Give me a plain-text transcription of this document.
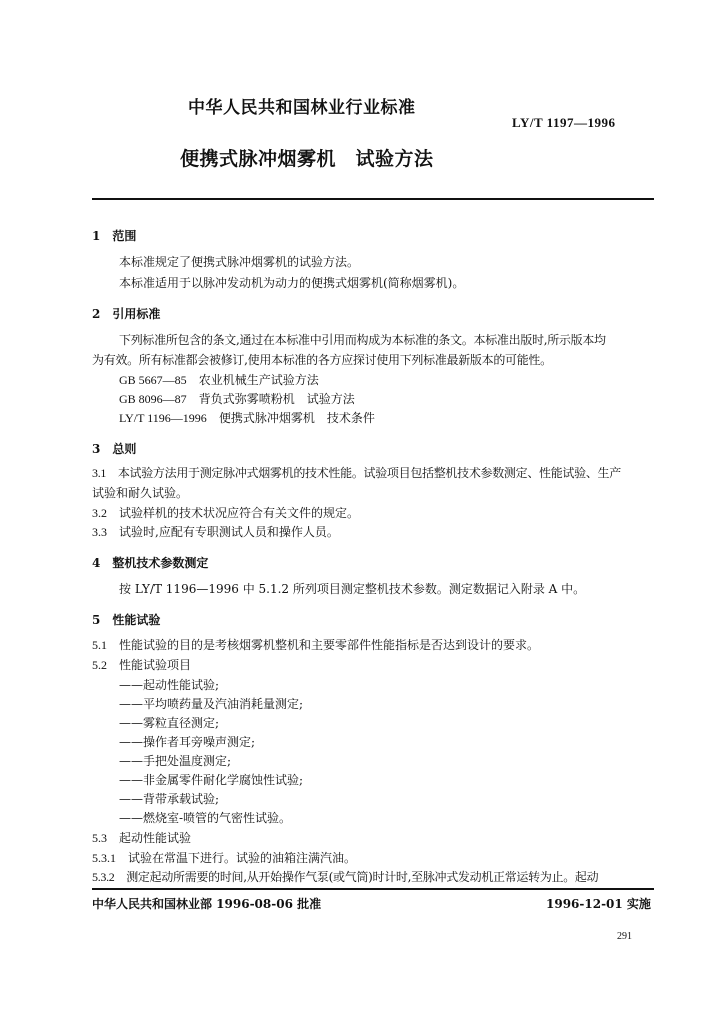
中华人民共和国林业行业标准
LY/T 1197—1996
便携式脉冲烟雾机　试验方法
1　 范围
本标准规定了便携式脉冲烟雾机的试验方法。
本标准适用于以脉冲发动机为动力的便携式烟雾机(简称烟雾机)。
2　 引用标准
下列标准所包含的条文,通过在本标准中引用而构成为本标准的条文。本标准出版时,所示版本均
为有效。所有标准都会被修订,使用本标准的各方应探讨使用下列标准最新版本的可能性。
GB 5667—85　 农业机械生产试验方法
GB 8096—87　 背负式弥雾喷粉机　试验方法
LY/T 1196—1996　 便携式脉冲烟雾机　技术条件
3　 总则
3.1　 本试验方法用于测定脉冲式烟雾机的技术性能。试验项目包括整机技术参数测定、性能试验、生产
试验和耐久试验。
3.2　 试验样机的技术状况应符合有关文件的规定。
3.3　 试验时,应配有专职测试人员和操作人员。
4　 整机技术参数测定
按 LY/T 1196—1996 中 5.1.2 所列项目测定整机技术参数。测定数据记入附录 A 中。
5　 性能试验
5.1　 性能试验的目的是考核烟雾机整机和主要零部件性能指标是否达到设计的要求。
5.2　 性能试验项目
——起动性能试验;
——平均喷药量及汽油消耗量测定;
——雾粒直径测定;
——操作者耳旁噪声测定;
——手把处温度测定;
——非金属零件耐化学腐蚀性试验;
——背带承载试验;
——燃烧室-喷管的气密性试验。
5.3　 起动性能试验
5.3.1　 试验在常温下进行。试验的油箱注满汽油。
5.3.2　 测定起动所需要的时间,从开始操作气泵(或气筒)时计时,至脉冲式发动机正常运转为止。起动
中华人民共和国林业部 1996-08-06 批准	1996-12-01 实施
291
